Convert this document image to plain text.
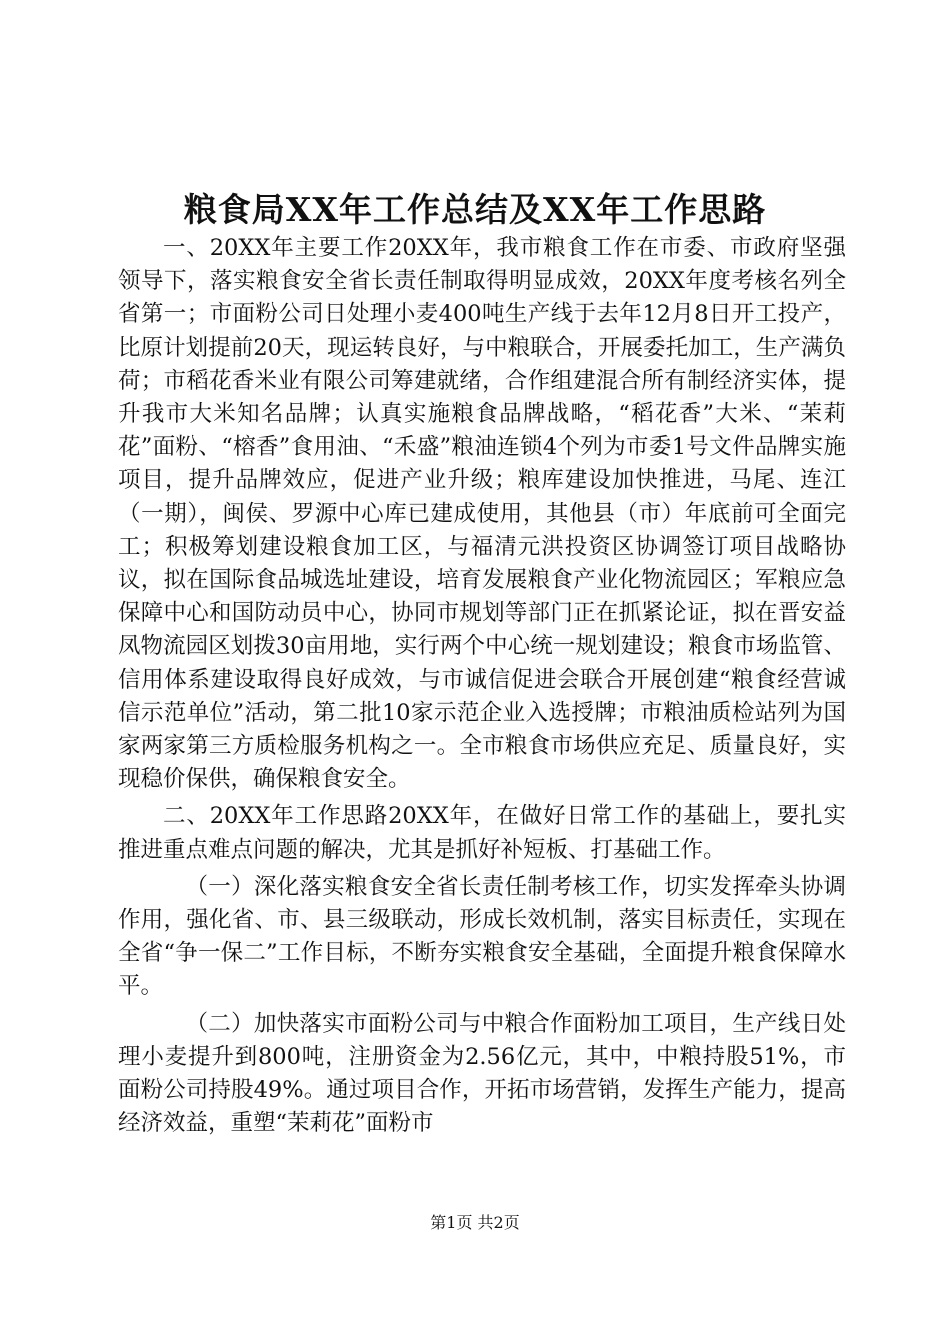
粮食局XX年工作总结及XX年工作思路

一、20XX年主要工作20XX年，我市粮食工作在市委、市政府坚强领导下，落实粮食安全省长责任制取得明显成效，20XX年度考核名列全省第一；市面粉公司日处理小麦400吨生产线于去年12月8日开工投产，比原计划提前20天，现运转良好，与中粮联合，开展委托加工，生产满负荷；市稻花香米业有限公司筹建就绪，合作组建混合所有制经济实体，提升我市大米知名品牌；认真实施粮食品牌战略，“稻花香”大米、“茉莉花”面粉、“榕香”食用油、“禾盛”粮油连锁4个列为市委1号文件品牌实施项目，提升品牌效应，促进产业升级；粮库建设加快推进，马尾、连江（一期），闽侯、罗源中心库已建成使用，其他县（市）年底前可全面完工；积极筹划建设粮食加工区，与福清元洪投资区协调签订项目战略协议，拟在国际食品城选址建设，培育发展粮食产业化物流园区；军粮应急保障中心和国防动员中心，协同市规划等部门正在抓紧论证，拟在晋安益凤物流园区划拨30亩用地，实行两个中心统一规划建设；粮食市场监管、信用体系建设取得良好成效，与市诚信促进会联合开展创建“粮食经营诚信示范单位”活动，第二批10家示范企业入选授牌；市粮油质检站列为国家两家第三方质检服务机构之一。全市粮食市场供应充足、质量良好，实现稳价保供，确保粮食安全。

二、20XX年工作思路20XX年，在做好日常工作的基础上，要扎实推进重点难点问题的解决，尤其是抓好补短板、打基础工作。

（一）深化落实粮食安全省长责任制考核工作，切实发挥牵头协调作用，强化省、市、县三级联动，形成长效机制，落实目标责任，实现在全省“争一保二”工作目标，不断夯实粮食安全基础，全面提升粮食保障水平。

（二）加快落实市面粉公司与中粮合作面粉加工项目，生产线日处理小麦提升到800吨，注册资金为2.56亿元，其中，中粮持股51%，市面粉公司持股49%。通过项目合作，开拓市场营销，发挥生产能力，提高经济效益，重塑“茉莉花”面粉市

第1页 共2页
